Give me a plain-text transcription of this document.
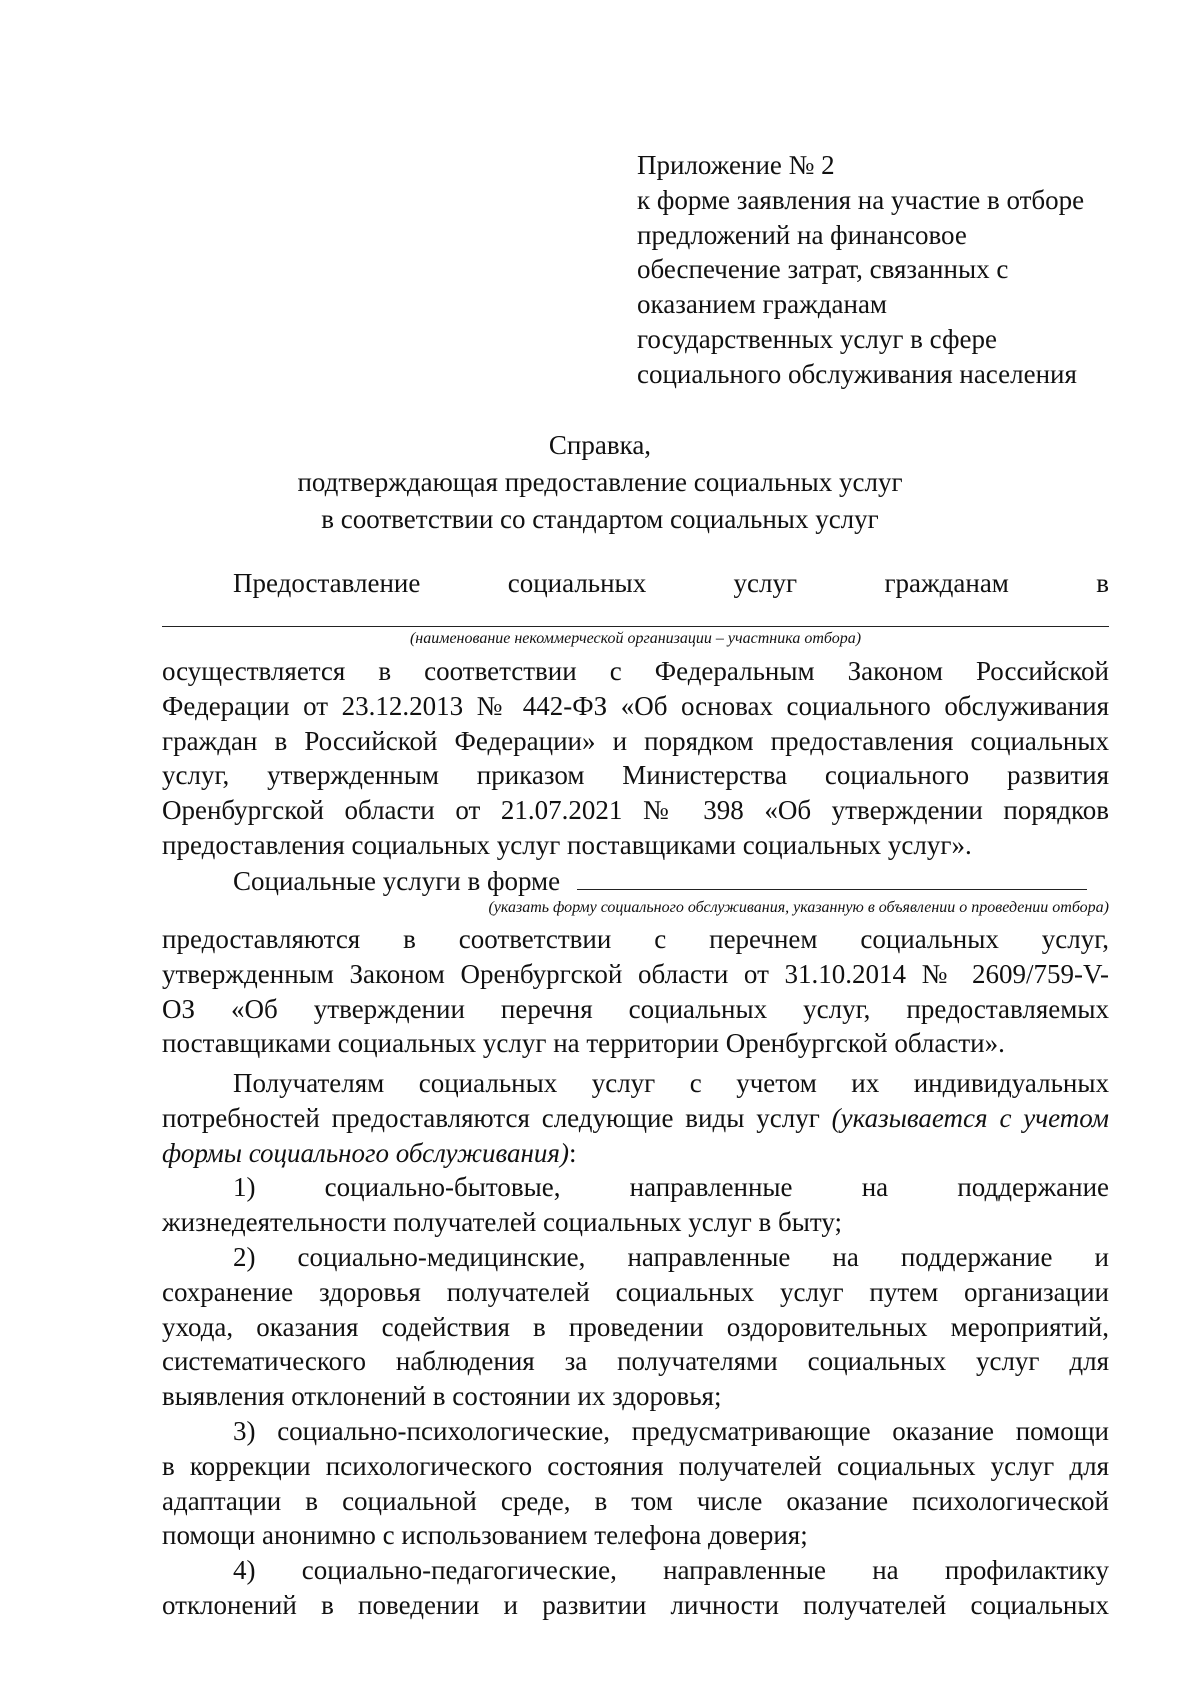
Приложение № 2
к форме заявления на участие в отборе
предложений на финансовое
обеспечение затрат, связанных с
оказанием гражданам
государственных услуг в сфере
социального обслуживания населения
Справка,
подтверждающая предоставление социальных услуг
в соответствии со стандартом социальных услуг
Предоставление	социальных	услуг	гражданам	в
(наименование некоммерческой организации – участника отбора)
осуществляется в соответствии с Федеральным Законом Российской
Федерации от 23.12.2013 № 442-ФЗ «Об основах социального обслуживания
граждан в Российской Федерации» и порядком предоставления социальных
услуг, утвержденным приказом Министерства социального развития
Оренбургской области от 21.07.2021 № 398 «Об утверждении порядков
предоставления социальных услуг поставщиками социальных услуг».
Социальные услуги в форме
(указать форму социального обслуживания, указанную в объявлении о проведении отбора)
предоставляются в соответствии с перечнем социальных услуг,
утвержденным Законом Оренбургской области от 31.10.2014 № 2609/759-V-
ОЗ «Об утверждении перечня социальных услуг, предоставляемых
поставщиками социальных услуг на территории Оренбургской области».
Получателям социальных услуг с учетом их индивидуальных
потребностей предоставляются следующие виды услуг (указывается с учетом
формы социального обслуживания):
1) социально-бытовые, направленные на поддержание
жизнедеятельности получателей социальных услуг в быту;
2) социально-медицинские, направленные на поддержание и
сохранение здоровья получателей социальных услуг путем организации
ухода, оказания содействия в проведении оздоровительных мероприятий,
систематического наблюдения за получателями социальных услуг для
выявления отклонений в состоянии их здоровья;
3) социально-психологические, предусматривающие оказание помощи
в коррекции психологического состояния получателей социальных услуг для
адаптации в социальной среде, в том числе оказание психологической
помощи анонимно с использованием телефона доверия;
4) социально-педагогические, направленные на профилактику
отклонений в поведении и развитии личности получателей социальных
